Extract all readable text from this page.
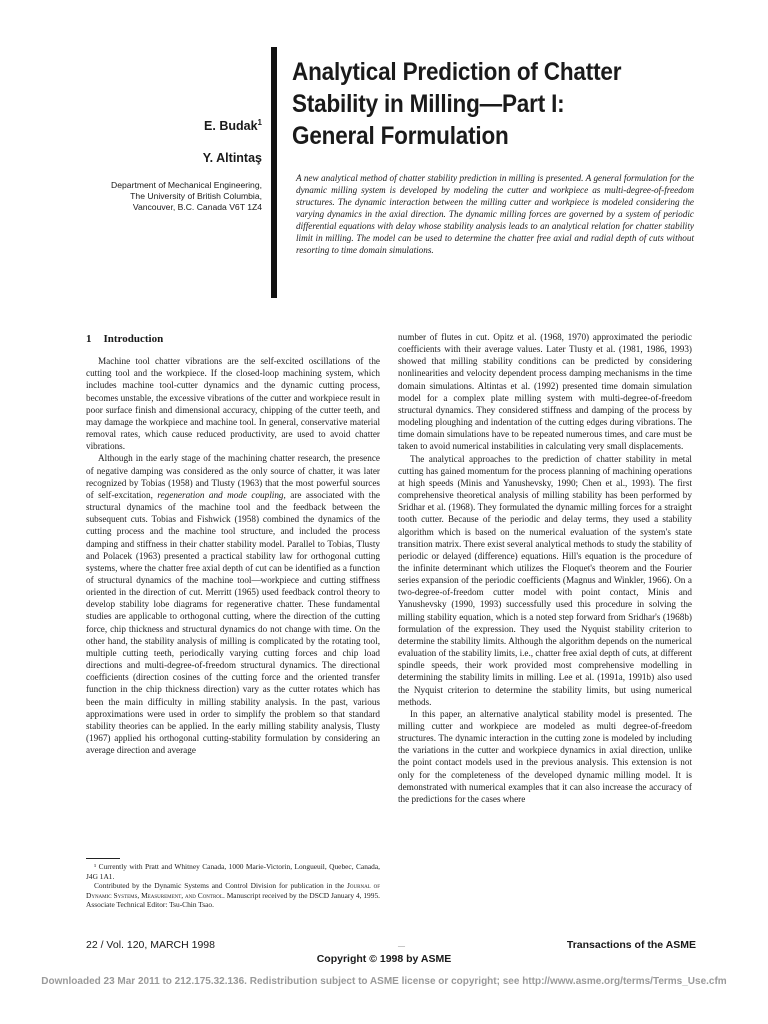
E. Budak$^1$
Y. Altintaş
Department of Mechanical Engineering,
The University of British Columbia,
Vancouver, B.C. Canada V6T 1Z4
Analytical Prediction of Chatter Stability in Milling—Part I: General Formulation

A new analytical method of chatter stability prediction in milling is presented. A general formulation for the dynamic milling system is developed by modeling the cutter and workpiece as multi-degree-of-freedom structures. The dynamic interaction between the milling cutter and workpiece is modeled considering the varying dynamics in the axial direction. The dynamic milling forces are governed by a system of periodic differential equations with delay whose stability analysis leads to an analytical relation for chatter stability limit in milling. The model can be used to determine the chatter free axial and radial depth of cuts without resorting to time domain simulations.

1 Introduction

Machine tool chatter vibrations are the self-excited oscillations of the cutting tool and the workpiece. If the closed-loop machining system, which includes machine tool-cutter dynamics and the dynamic cutting process, becomes unstable, the excessive vibrations of the cutter and workpiece result in poor surface finish and dimensional accuracy, chipping of the cutter teeth, and may damage the workpiece and machine tool. In general, conservative material removal rates, which cause reduced productivity, are used to avoid chatter vibrations.

Although in the early stage of the machining chatter research, the presence of negative damping was considered as the only source of chatter, it was later recognized by Tobias (1958) and Tlusty (1963) that the most powerful sources of self-excitation, regeneration and mode coupling, are associated with the structural dynamics of the machine tool and the feedback between the subsequent cuts. Tobias and Fishwick (1958) combined the dynamics of the cutting process and the machine tool structure, and included the process damping and stiffness in their chatter stability model. Parallel to Tobias, Tlusty and Polacek (1963) presented a practical stability law for orthogonal cutting systems, where the chatter free axial depth of cut can be identified as a function of structural dynamics of the machine tool—workpiece and cutting stiffness oriented in the direction of cut. Merritt (1965) used feedback control theory to develop stability lobe diagrams for regenerative chatter. These fundamental studies are applicable to orthogonal cutting, where the direction of the cutting force, chip thickness and structural dynamics do not change with time. On the other hand, the stability analysis of milling is complicated by the rotating tool, multiple cutting teeth, periodically varying cutting forces and chip load directions and multi-degree-of-freedom structural dynamics. The directional coefficients (direction cosines of the cutting force and the oriented transfer function in the chip thickness direction) vary as the cutter rotates which has been the main difficulty in milling stability analysis. In the past, various approximations were used in order to simplify the problem so that standard stability theories can be applied. In the early milling stability analysis, Tlusty (1967) applied his orthogonal cutting-stability formulation by considering an average direction and average

¹ Currently with Pratt and Whitney Canada, 1000 Marie-Victorin, Longueuil, Quebec, Canada, J4G 1A1.

Contributed by the Dynamic Systems and Control Division for publication in the Journal of Dynamic Systems, Measurement, and Control. Manuscript received by the DSCD January 4, 1995. Associate Technical Editor: Tsu-Chin Tsao.

number of flutes in cut. Opitz et al. (1968, 1970) approximated the periodic coefficients with their average values. Later Tlusty et al. (1981, 1986, 1993) showed that milling stability conditions can be predicted by considering nonlinearities and velocity dependent process damping mechanisms in the time domain simulations. Altintas et al. (1992) presented time domain simulation model for a complex plate milling system with multi-degree-of-freedom structural dynamics. They considered stiffness and damping of the process by modeling ploughing and indentation of the cutting edges during vibrations. The time domain simulations have to be repeated numerous times, and care must be taken to avoid numerical instabilities in calculating very small displacements.

The analytical approaches to the prediction of chatter stability in metal cutting has gained momentum for the process planning of machining operations at high speeds (Minis and Yanushevsky, 1990; Chen et al., 1993). The first comprehensive theoretical analysis of milling stability has been performed by Sridhar et al. (1968). They formulated the dynamic milling forces for a straight tooth cutter. Because of the periodic and delay terms, they used a stability algorithm which is based on the numerical evaluation of the system's state transition matrix. There exist several analytical methods to study the stability of periodic or delayed (difference) equations. Hill's equation is the procedure of the infinite determinant which utilizes the Floquet's theorem and the Fourier series expansion of the periodic coefficients (Magnus and Winkler, 1966). On a two-degree-of-freedom cutter model with point contact, Minis and Yanushevsky (1990, 1993) successfully used this procedure in solving the milling stability equation, which is a noted step forward from Sridhar's (1968b) formulation of the expression. They used the Nyquist stability criterion to determine the stability limits. Although the algorithm depends on the numerical evaluation of the stability limits, i.e., chatter free axial depth of cuts, at different spindle speeds, their work provided most comprehensive modelling in determining the stability limits in milling. Lee et al. (1991a, 1991b) also used the Nyquist criterion to determine the stability limits, but using numerical methods.

In this paper, an alternative analytical stability model is presented. The milling cutter and workpiece are modeled as multi degree-of-freedom structures. The dynamic interaction in the cutting zone is modeled by including the variations in the cutter and workpiece dynamics in axial direction, unlike the point contact models used in the previous analysis. This extension is not only for the completeness of the developed dynamic milling model. It is demonstrated with numerical examples that it can also increase the accuracy of the predictions for the cases where

22 / Vol. 120, MARCH 1998	—	Transactions of the ASME
Copyright © 1998 by ASME
Downloaded 23 Mar 2011 to 212.175.32.136. Redistribution subject to ASME license or copyright; see http://www.asme.org/terms/Terms_Use.cfm
